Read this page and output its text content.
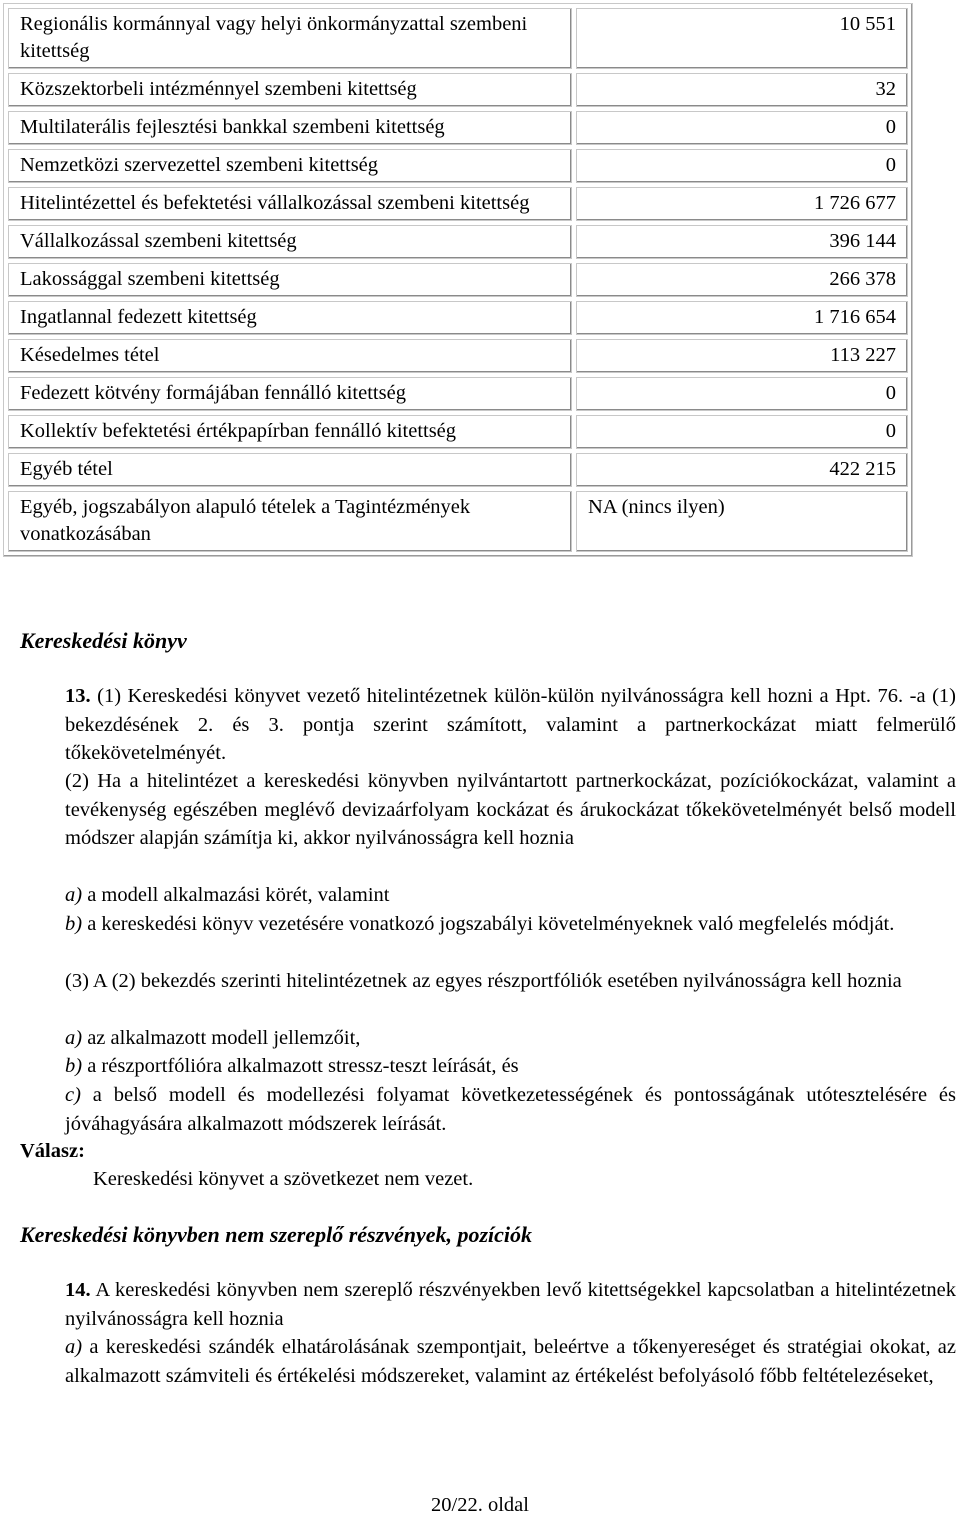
Regionális kormánnyal vagy helyi önkormányzattal szembeni kitettség	10 551
Közszektorbeli intézménnyel szembeni kitettség	32
Multilaterális fejlesztési bankkal szembeni kitettség	0
Nemzetközi szervezettel szembeni kitettség	0
Hitelintézettel és befektetési vállalkozással szembeni kitettség	1 726 677
Vállalkozással szembeni kitettség	396 144
Lakossággal szembeni kitettség	266 378
Ingatlannal fedezett kitettség	1 716 654
Késedelmes tétel	113 227
Fedezett kötvény formájában fennálló kitettség	0
Kollektív befektetési értékpapírban fennálló kitettség	0
Egyéb tétel	422 215
Egyéb, jogszabályon alapuló tételek a Tagintézmények vonatkozásában	NA (nincs ilyen)
Kereskedési könyv

13. (1) Kereskedési könyvet vezető hitelintézetnek külön-külön nyilvánosságra kell hozni a Hpt. 76. -a (1) bekezdésének 2. és 3. pontja szerint számított, valamint a partnerkockázat miatt felmerülő tőkekövetelményét.

(2) Ha a hitelintézet a kereskedési könyvben nyilvántartott partnerkockázat, pozíciókockázat, valamint a tevékenység egészében meglévő devizaárfolyam kockázat és árukockázat tőkekövetelményét belső modell módszer alapján számítja ki, akkor nyilvánosságra kell hoznia

a) a modell alkalmazási körét, valamint

b) a kereskedési könyv vezetésére vonatkozó jogszabályi követelményeknek való megfelelés módját.

(3) A (2) bekezdés szerinti hitelintézetnek az egyes részportfóliók esetében nyilvánosságra kell hoznia

a) az alkalmazott modell jellemzőit,

b) a részportfólióra alkalmazott stressz-teszt leírását, és

c) a belső modell és modellezési folyamat következetességének és pontosságának utótesztelésére és jóváhagyására alkalmazott módszerek leírását.

Válasz:
Kereskedési könyvet a szövetkezet nem vezet.
Kereskedési könyvben nem szereplő részvények, pozíciók

14. A kereskedési könyvben nem szereplő részvényekben levő kitettségekkel kapcsolatban a hitelintézetnek nyilvánosságra kell hoznia

a) a kereskedési szándék elhatárolásának szempontjait, beleértve a tőkenyereséget és stratégiai okokat, az alkalmazott számviteli és értékelési módszereket, valamint az értékelést befolyásoló főbb feltételezéseket,

20/22. oldal
